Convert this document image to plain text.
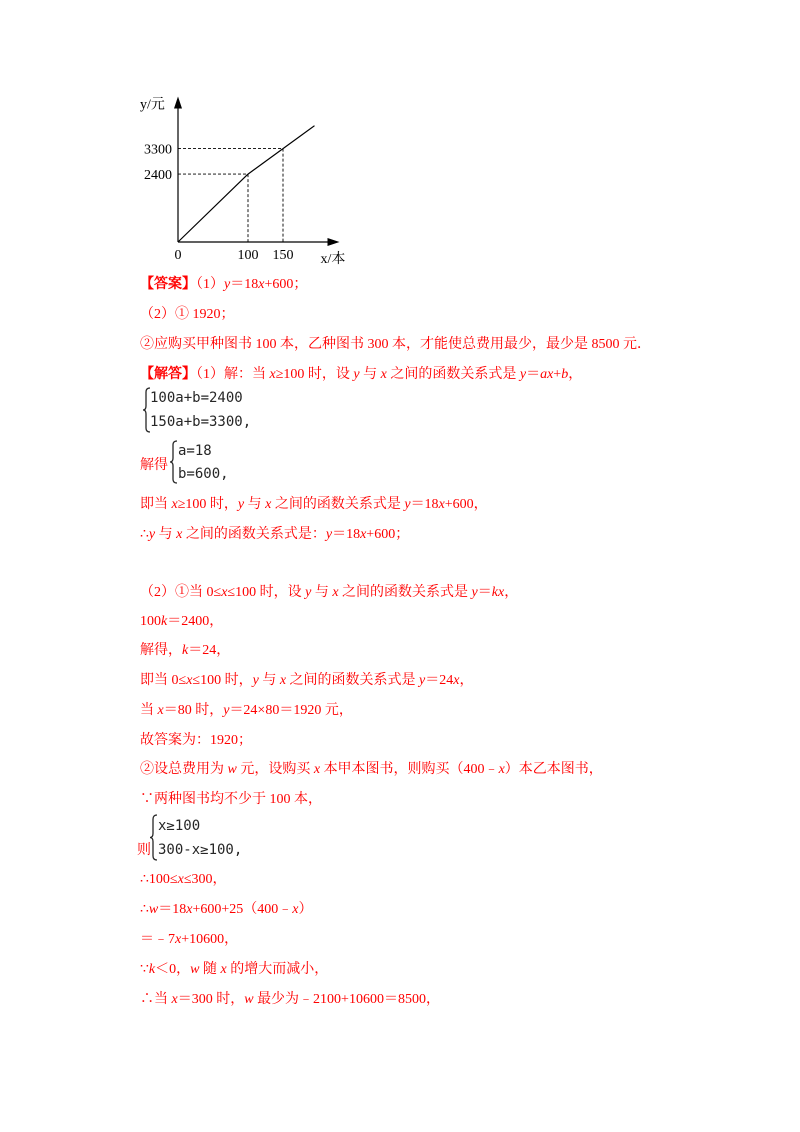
0	100 150
2400
3300
y/元
x/本
【答案】（1）y＝18x+600；
（2）① 1920；
②应购买甲种图书 100 本，乙种图书 300 本，才能使总费用最少，最少是 8500 元．
【解答】（1）解：当 x≥100 时，设 y 与 x 之间的函数关系式是 y＝ax+b，
100a+b=2400
150a+b=3300,
解得
a=18
b=600,
即当 x≥100 时，y 与 x 之间的函数关系式是 y＝18x+600，
∴y 与 x 之间的函数关系式是：y＝18x+600；
（2）①当 0≤x≤100 时，设 y 与 x 之间的函数关系式是 y＝kx，
100k＝2400，
解得，k＝24，
即当 0≤x≤100 时，y 与 x 之间的函数关系式是 y＝24x，
当 x＝80 时，y＝24×80＝1920 元，
故答案为：1920；
②设总费用为 w 元，设购买 x 本甲本图书，则购买（400﹣x）本乙本图书，
∵两种图书均不少于 100 本，
x≥100
300-x≥100,
则
∴100≤x≤300，
∴w＝18x+600+25（400﹣x）
＝﹣7x+10600，
∵k＜0，w 随 x 的增大而减小，
∴当 x＝300 时，w 最少为﹣2100+10600＝8500，
